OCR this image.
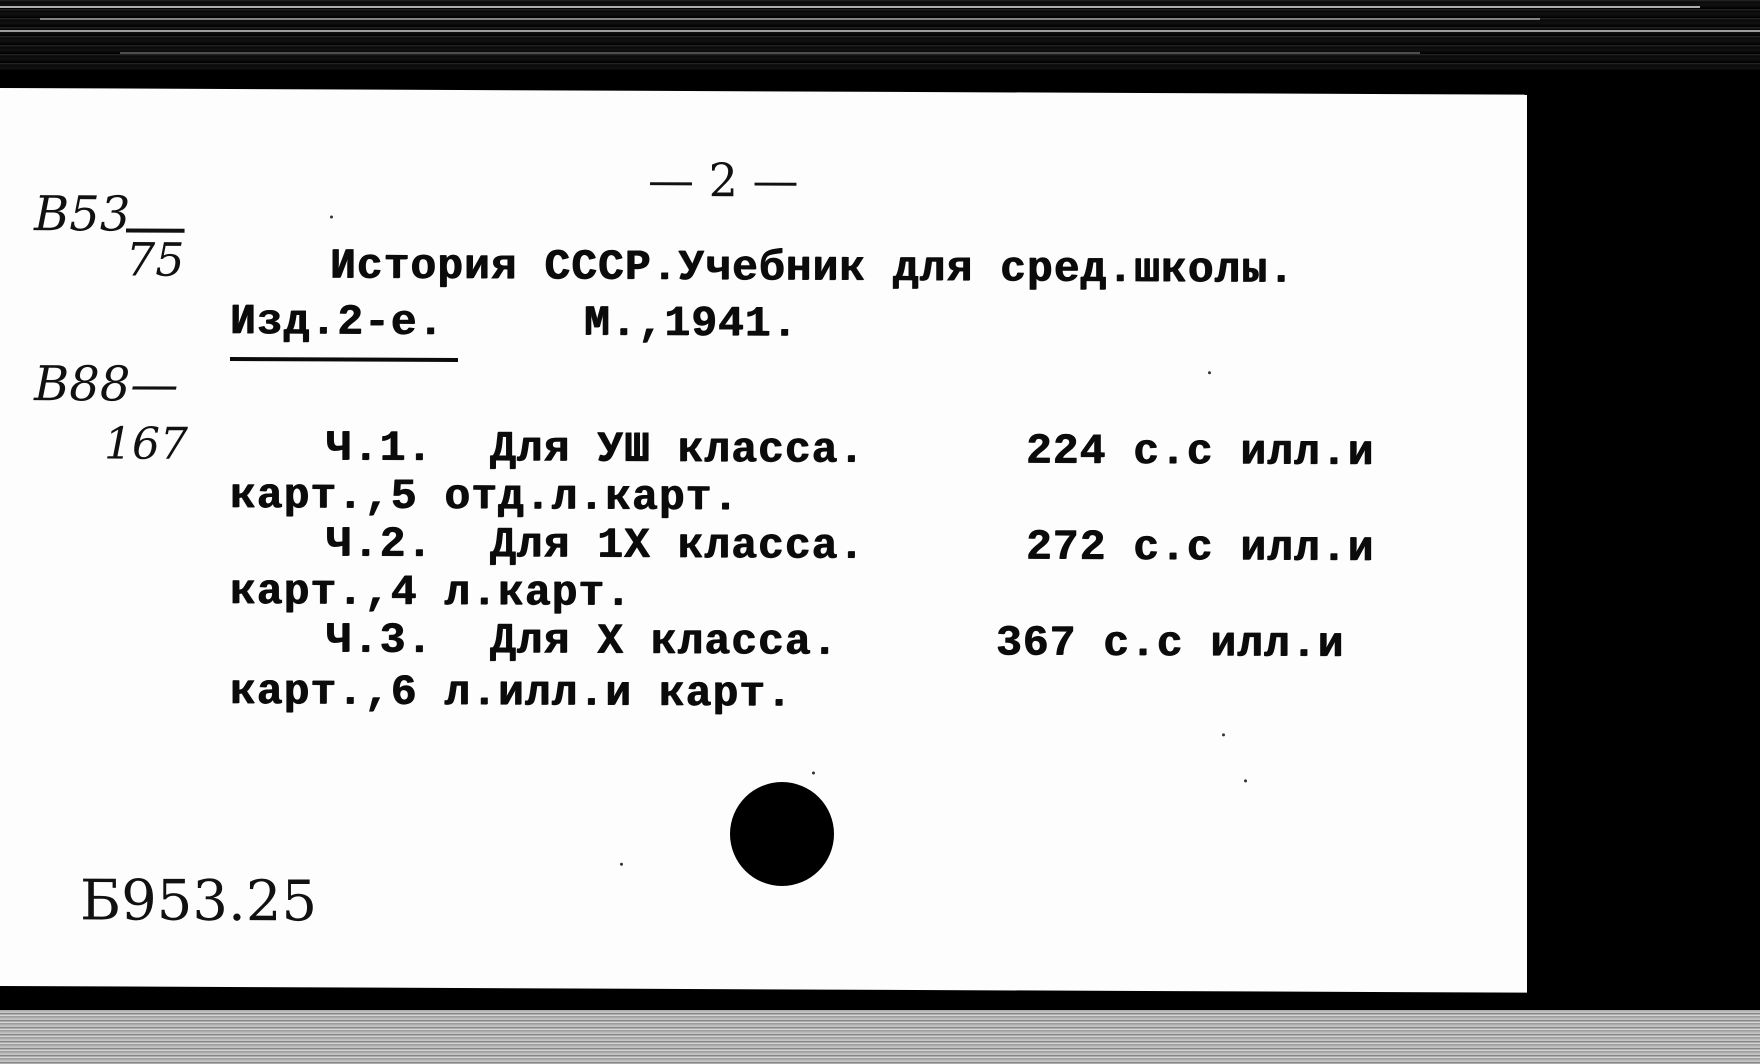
— 2 —
В53
75
В88—
167
История СССР.Учебник для сред.школы.
Изд.2-е.	М.,1941.
Ч.1. Для УШ класса.	224 с.с илл.и
карт.,5 отд.л.карт.
Ч.2. Для 1Х класса.	272 с.с илл.и
карт.,4 л.карт.
Ч.3. Для Х класса.	367 с.с илл.и
карт.,6 л.илл.и карт.
Б953.25
